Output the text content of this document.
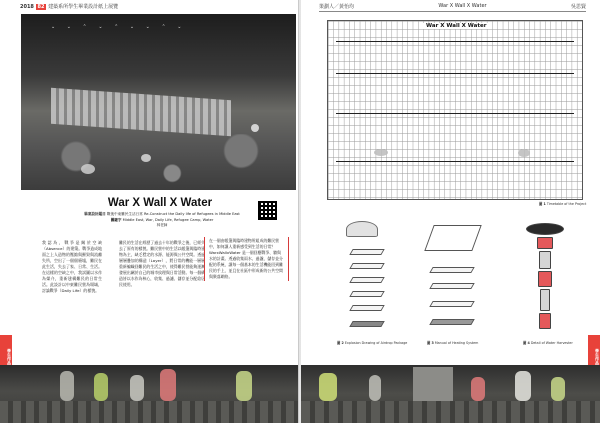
2018 82 建築系所學生畢業設計紙上展覽
⌄ ⌄ ⌃ ⌄ ⌃ ⌄ ⌄ ⌃ ⌄
War X Wall X Water
畢業設計題目 戰後中東難民生活日常 Re-Construct the Daily life of Refugees in Middle East
關鍵字 Middle East, War, Daily Life, Refugee Camp, Water
林老師
我認為，戰爭是關於空缺（Absence）的建築。戰爭造成地面之上人造物的壓縮與摧毀與流離失所，空出了一個個廢墟，難民在此生活，失去了家、日常、生活。在這樣的空缺之中，我試圖以水作為媒介，重新建構難民的日常生活。此設計以中東難民營為場域，討論戰爭（Daily Life）的樣貌。
難民的生活在經歷了過去十年的戰爭之後，已經失去了原有的樣貌。難民營中的生活以帳篷與臨時建物為主，缺乏穩定的水源、能源與公共空間。透過層層疊加的構造（Layer），將日常的機能一層層重新編織回難民的生活之中，使得難民營能夠逐漸發展出屬於自己的城市紋理與日常活動。每一個構造皆以水作為核心，收集、過濾、儲存並分配給居民使用。
在一個由帳篷與臨時建物所組成的難民營中，如何讓人重新感受到生活的日常？WarxWallxWater 是一個回應戰爭、牆與水的計畫。透過收集雨水、過濾、儲存並分配的系統，讓每一個基本的生活機能回到難民的手上，並且在社區中形成新的公共空間與聚落網絡。
學生作品
策劃人／黃怡均	War X Wall X Water	吳思賢
War X Wall X Water
圖 1 Timetable of the Project
圖 2 Explosion Drawing of Airdrop Package	圖 3 Manual of Heating System	圖 4 Detail of Water Harvester
學生作品
